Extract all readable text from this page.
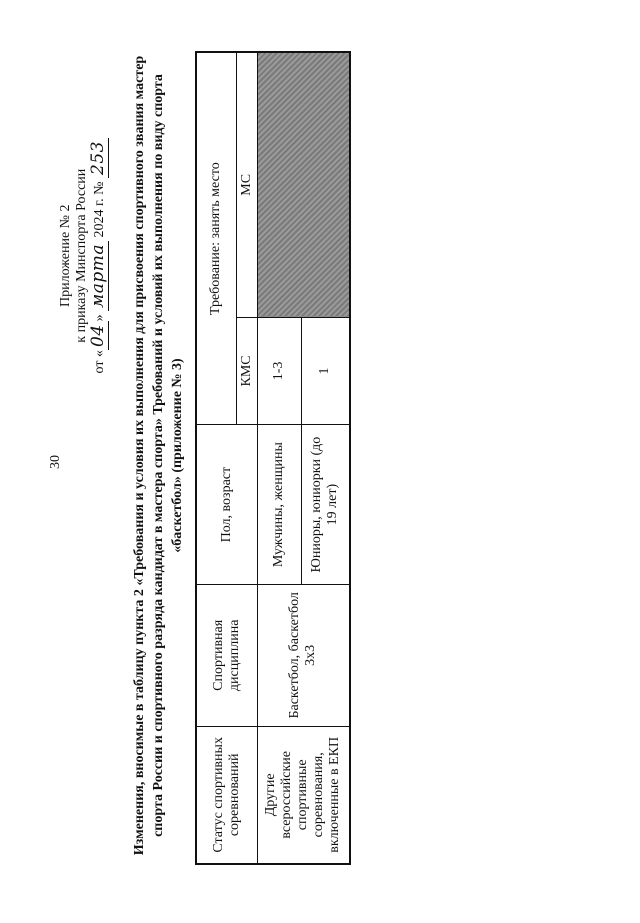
30
Приложение № 2 к приказу Минспорта России
от «04» марта 2024 г. № 253 Изменения, вносимые в таблицу пункта 2 «Требования и условия их выполнения для присвоения спортивного звания мастер спорта России и спортивного разряда кандидат в мастера спорта» Требований и условий их выполнения по виду спорта «баскетбол» (приложение № 3)
Статус спортивных соревнований	Спортивная дисциплина	Пол, возраст	Требование: занять место	
			КМС	МС
Другие всероссийские спортивные соревнования, включенные в ЕКП	Баскетбол, баскетбол 3х3	Мужчины, женщины	1-3	
		Юниоры, юниорки (до 19 лет)	1	
